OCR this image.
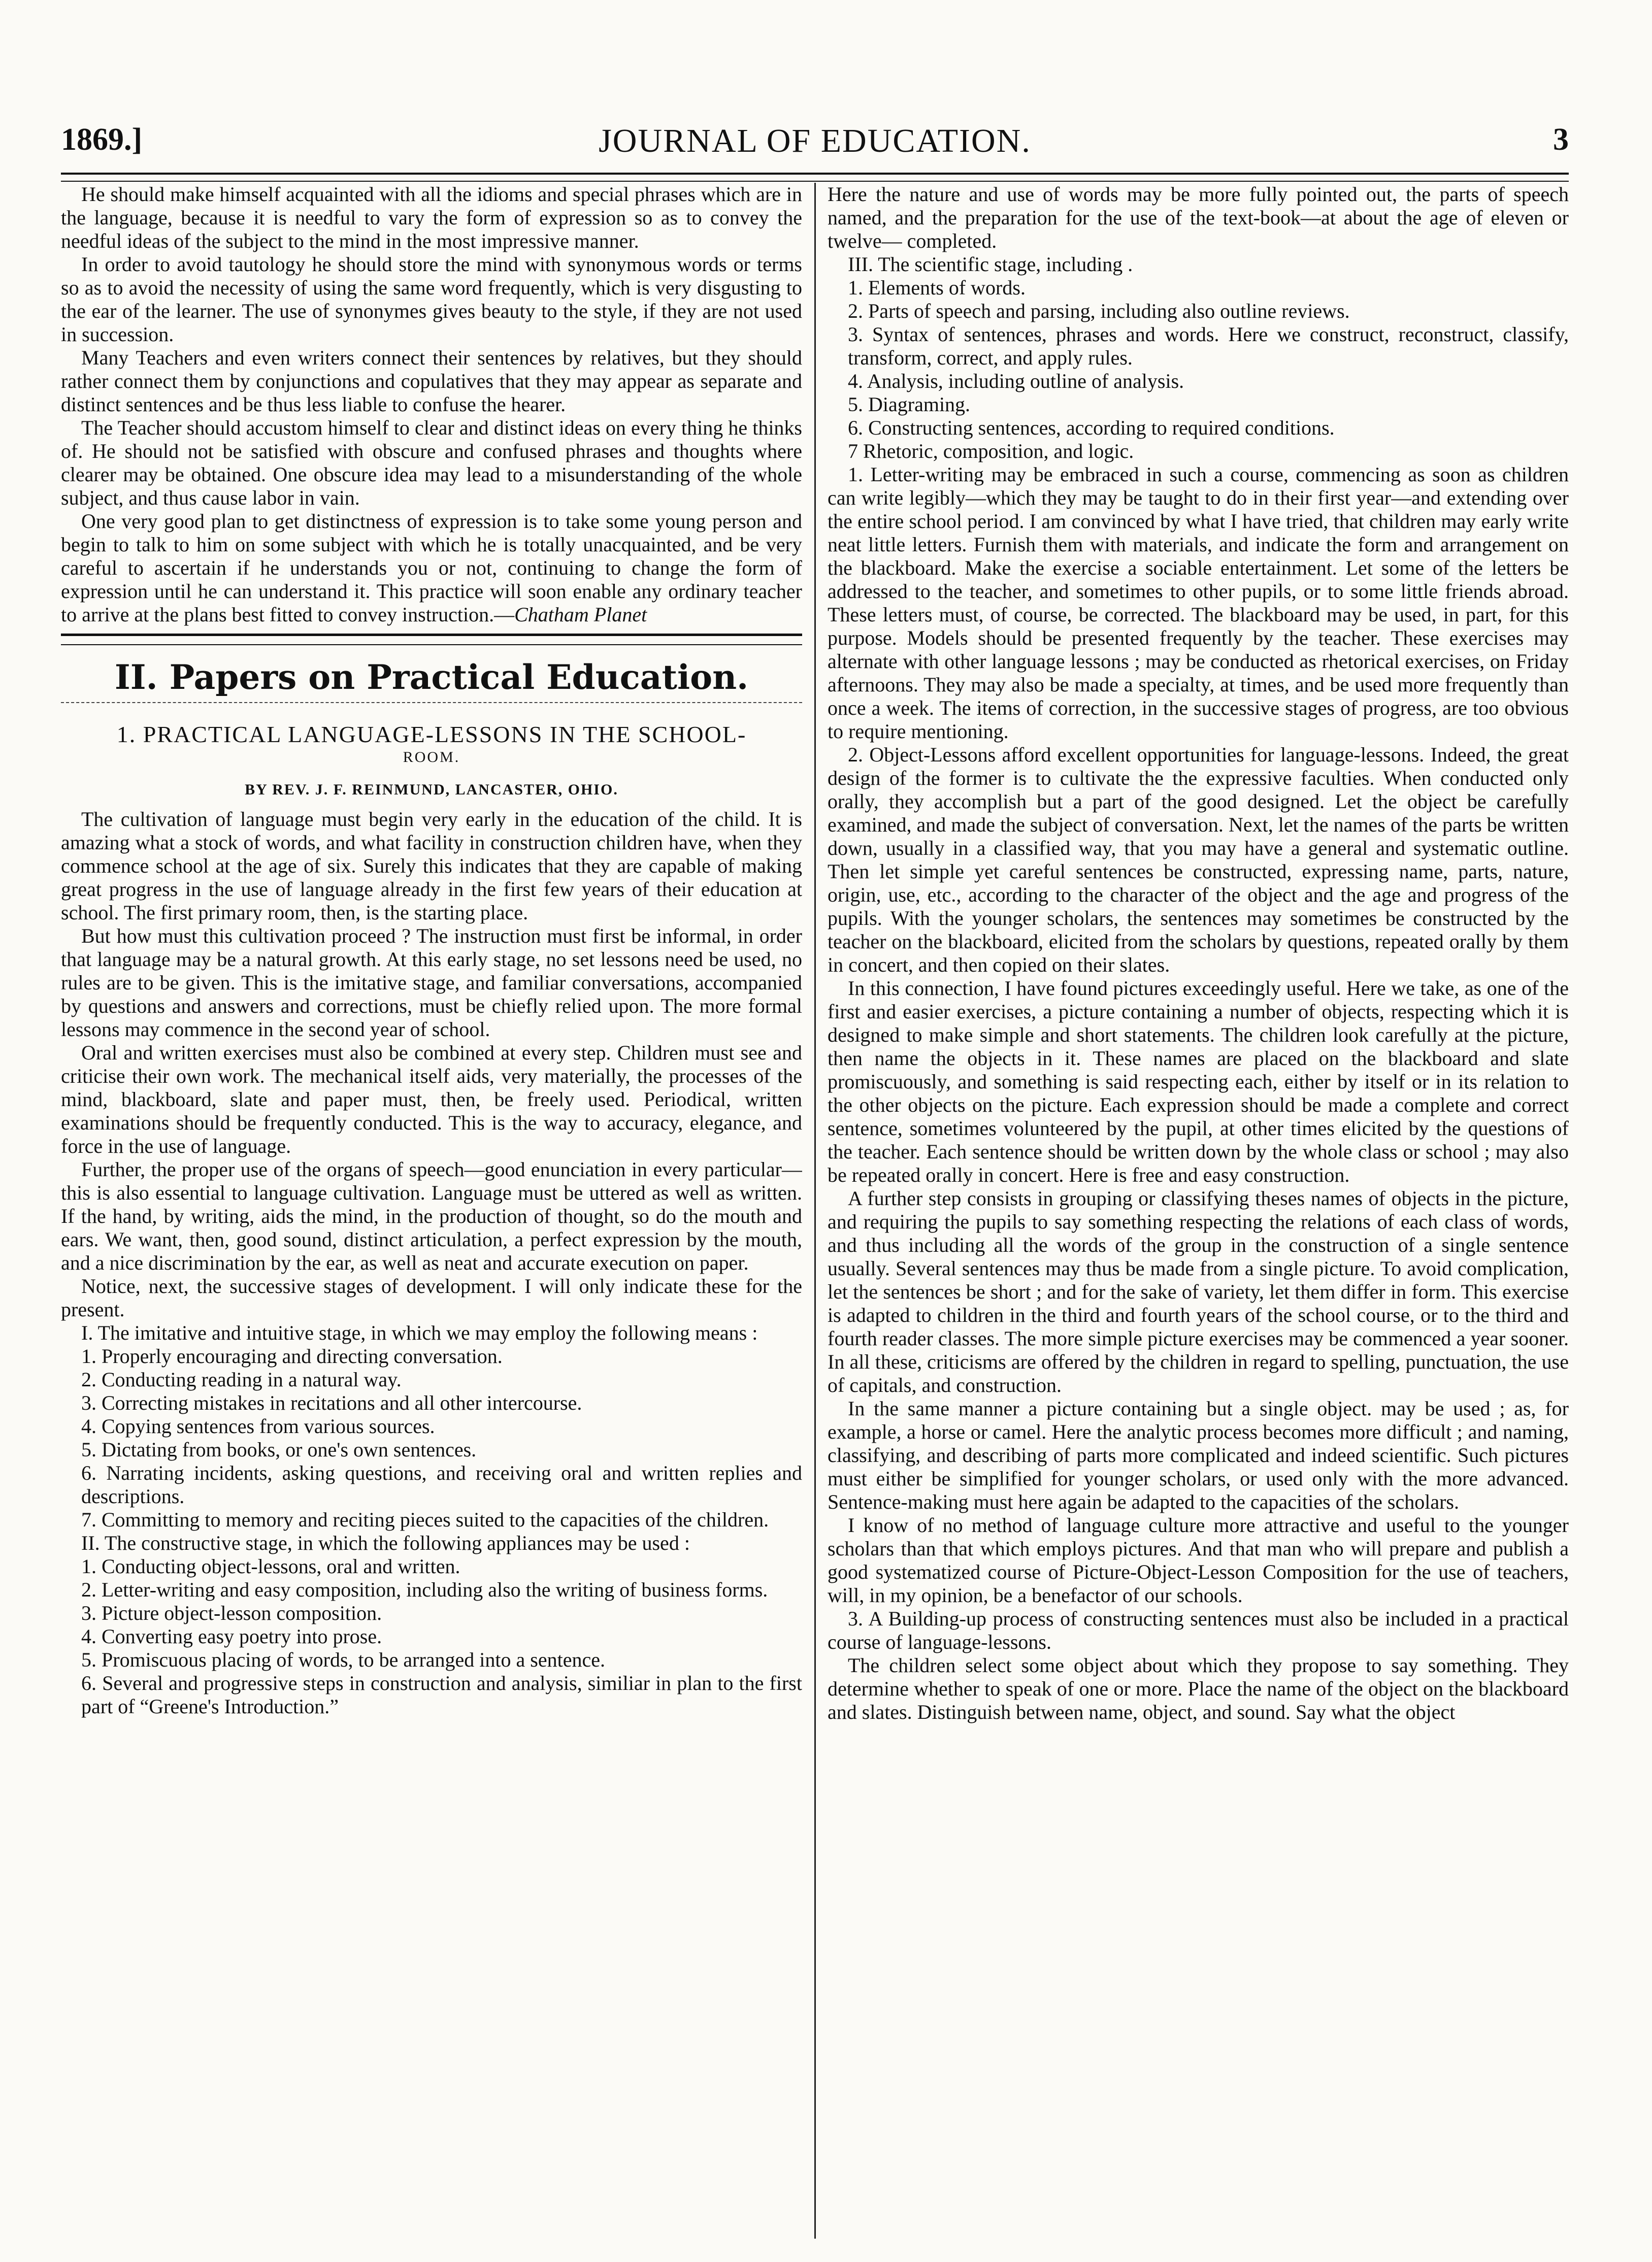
1869.]	JOURNAL OF EDUCATION.	3

He should make himself acquainted with all the idioms and special phrases which are in the language, because it is needful to vary the form of expression so as to convey the needful ideas of the subject to the mind in the most impressive manner.

In order to avoid tautology he should store the mind with synonymous words or terms so as to avoid the necessity of using the same word frequently, which is very disgusting to the ear of the learner. The use of synonymes gives beauty to the style, if they are not used in succession.

Many Teachers and even writers connect their sentences by relatives, but they should rather connect them by conjunctions and copulatives that they may appear as separate and distinct sentences and be thus less liable to confuse the hearer.

The Teacher should accustom himself to clear and distinct ideas on every thing he thinks of. He should not be satisfied with obscure and confused phrases and thoughts where clearer may be obtained. One obscure idea may lead to a misunderstanding of the whole subject, and thus cause labor in vain.

One very good plan to get distinctness of expression is to take some young person and begin to talk to him on some subject with which he is totally unacquainted, and be very careful to ascertain if he understands you or not, continuing to change the form of expression until he can understand it. This practice will soon enable any ordinary teacher to arrive at the plans best fitted to convey instruction.—Chatham Planet

II. Papers on Practical Education.
1. PRACTICAL LANGUAGE-LESSONS IN THE SCHOOL-
ROOM.
BY REV. J. F. REINMUND, LANCASTER, OHIO.

The cultivation of language must begin very early in the education of the child. It is amazing what a stock of words, and what facility in construction children have, when they commence school at the age of six. Surely this indicates that they are capable of making great progress in the use of language already in the first few years of their education at school. The first primary room, then, is the starting place.

But how must this cultivation proceed ? The instruction must first be informal, in order that language may be a natural growth. At this early stage, no set lessons need be used, no rules are to be given. This is the imitative stage, and familiar conversations, accompanied by questions and answers and corrections, must be chiefly relied upon. The more formal lessons may commence in the second year of school.

Oral and written exercises must also be combined at every step. Children must see and criticise their own work. The mechanical itself aids, very materially, the processes of the mind, blackboard, slate and paper must, then, be freely used. Periodical, written examinations should be frequently conducted. This is the way to accuracy, elegance, and force in the use of language.

Further, the proper use of the organs of speech—good enunciation in every particular—this is also essential to language cultivation. Language must be uttered as well as written. If the hand, by writing, aids the mind, in the production of thought, so do the mouth and ears. We want, then, good sound, distinct articulation, a perfect expression by the mouth, and a nice discrimination by the ear, as well as neat and accurate execution on paper.

Notice, next, the successive stages of development. I will only indicate these for the present.

I. The imitative and intuitive stage, in which we may employ the following means :

1. Properly encouraging and directing conversation.

2. Conducting reading in a natural way.

3. Correcting mistakes in recitations and all other intercourse.

4. Copying sentences from various sources.

5. Dictating from books, or one's own sentences.

6. Narrating incidents, asking questions, and receiving oral and written replies and descriptions.

7. Committing to memory and reciting pieces suited to the capacities of the children.

II. The constructive stage, in which the following appliances may be used :

1. Conducting object-lessons, oral and written.

2. Letter-writing and easy composition, including also the writing of business forms.

3. Picture object-lesson composition.

4. Converting easy poetry into prose.

5. Promiscuous placing of words, to be arranged into a sentence.

6. Several and progressive steps in construction and analysis, similiar in plan to the first part of “Greene's Introduction.”

Here the nature and use of words may be more fully pointed out, the parts of speech named, and the preparation for the use of the text-book—at about the age of eleven or twelve— completed.

III. The scientific stage, including .

1. Elements of words.

2. Parts of speech and parsing, including also outline reviews.

3. Syntax of sentences, phrases and words. Here we construct, reconstruct, classify, transform, correct, and apply rules.

4. Analysis, including outline of analysis.

5. Diagraming.

6. Constructing sentences, according to required conditions.

7 Rhetoric, composition, and logic.

1. Letter-writing may be embraced in such a course, commencing as soon as children can write legibly—which they may be taught to do in their first year—and extending over the entire school period. I am convinced by what I have tried, that children may early write neat little letters. Furnish them with materials, and indicate the form and arrangement on the blackboard. Make the exercise a sociable entertainment. Let some of the letters be addressed to the teacher, and sometimes to other pupils, or to some little friends abroad. These letters must, of course, be corrected. The blackboard may be used, in part, for this purpose. Models should be presented frequently by the teacher. These exercises may alternate with other language lessons ; may be conducted as rhetorical exercises, on Friday afternoons. They may also be made a specialty, at times, and be used more frequently than once a week. The items of correction, in the successive stages of progress, are too obvious to require mentioning.

2. Object-Lessons afford excellent opportunities for language-lessons. Indeed, the great design of the former is to cultivate the the expressive faculties. When conducted only orally, they accomplish but a part of the good designed. Let the object be carefully examined, and made the subject of conversation. Next, let the names of the parts be written down, usually in a classified way, that you may have a general and systematic outline. Then let simple yet careful sentences be constructed, expressing name, parts, nature, origin, use, etc., according to the character of the object and the age and progress of the pupils. With the younger scholars, the sentences may sometimes be constructed by the teacher on the blackboard, elicited from the scholars by questions, repeated orally by them in concert, and then copied on their slates.

In this connection, I have found pictures exceedingly useful. Here we take, as one of the first and easier exercises, a picture containing a number of objects, respecting which it is designed to make simple and short statements. The children look carefully at the picture, then name the objects in it. These names are placed on the blackboard and slate promiscuously, and something is said respecting each, either by itself or in its relation to the other objects on the picture. Each expression should be made a complete and correct sentence, sometimes volunteered by the pupil, at other times elicited by the questions of the teacher. Each sentence should be written down by the whole class or school ; may also be repeated orally in concert. Here is free and easy construction.

A further step consists in grouping or classifying theses names of objects in the picture, and requiring the pupils to say something respecting the relations of each class of words, and thus including all the words of the group in the construction of a single sentence usually. Several sentences may thus be made from a single picture. To avoid complication, let the sentences be short ; and for the sake of variety, let them differ in form. This exercise is adapted to children in the third and fourth years of the school course, or to the third and fourth reader classes. The more simple picture exercises may be commenced a year sooner. In all these, criticisms are offered by the children in regard to spelling, punctuation, the use of capitals, and construction.

In the same manner a picture containing but a single object. may be used ; as, for example, a horse or camel. Here the analytic process becomes more difficult ; and naming, classifying, and describing of parts more complicated and indeed scientific. Such pictures must either be simplified for younger scholars, or used only with the more advanced. Sentence-making must here again be adapted to the capacities of the scholars.

I know of no method of language culture more attractive and useful to the younger scholars than that which employs pictures. And that man who will prepare and publish a good systematized course of Picture-Object-Lesson Composition for the use of teachers, will, in my opinion, be a benefactor of our schools.

3. A Building-up process of constructing sentences must also be included in a practical course of language-lessons.

The children select some object about which they propose to say something. They determine whether to speak of one or more. Place the name of the object on the blackboard and slates. Distinguish between name, object, and sound. Say what the object
